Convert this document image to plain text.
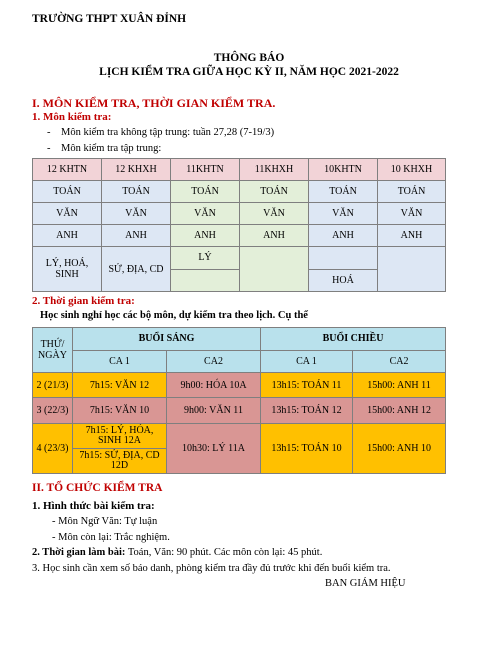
TRƯỜNG THPT XUÂN ĐỈNH
THÔNG BÁO
LỊCH KIỂM TRA GIỮA HỌC KỲ II, NĂM HỌC 2021-2022
I. MÔN KIỂM TRA, THỜI GIAN KIỂM TRA.
1. Môn kiểm tra:
- Môn kiểm tra không tập trung: tuần 27,28 (7-19/3)
- Môn kiểm tra tập trung:
12 KHTN	12 KHXH	11KHTN	11KHXH	10KHTN	10 KHXH
TOÁN	TOÁN	TOÁN	TOÁN	TOÁN	TOÁN
VĂN	VĂN	VĂN	VĂN	VĂN	VĂN
ANH	ANH	ANH	ANH	ANH	ANH
LÝ, HOÁ, SINH	SỬ, ĐỊA, CD	LÝ			
				HOÁ	
2. Thời gian kiểm tra:
Học sinh nghỉ học các bộ môn, dự kiểm tra theo lịch. Cụ thể
THỨ/ NGÀY	BUỔI SÁNG		BUỔI CHIỀU	
	CA 1	CA2	CA 1	CA2
2 (21/3)	7h15: VĂN 12	9h00: HÓA 10A	13h15: TOÁN 11	15h00: ANH 11
3 (22/3)	7h15: VĂN 10	9h00: VĂN 11	13h15: TOÁN 12	15h00: ANH 12
4 (23/3)	7h15: LÝ, HÓA, SINH 12A	10h30: LÝ 11A	13h15: TOÁN 10	15h00: ANH 10
	7h15: SỬ, ĐỊA, CD 12D			
II. TỔ CHỨC KIỂM TRA
1. Hình thức bài kiểm tra:
- Môn Ngữ Văn: Tự luận
- Môn còn lại: Trắc nghiệm.
2. Thời gian làm bài: Toán, Văn: 90 phút. Các môn còn lại: 45 phút.
3. Học sinh cần xem số báo danh, phòng kiểm tra đầy đủ trước khi đến buổi kiểm tra.
BAN GIÁM HIỆU
